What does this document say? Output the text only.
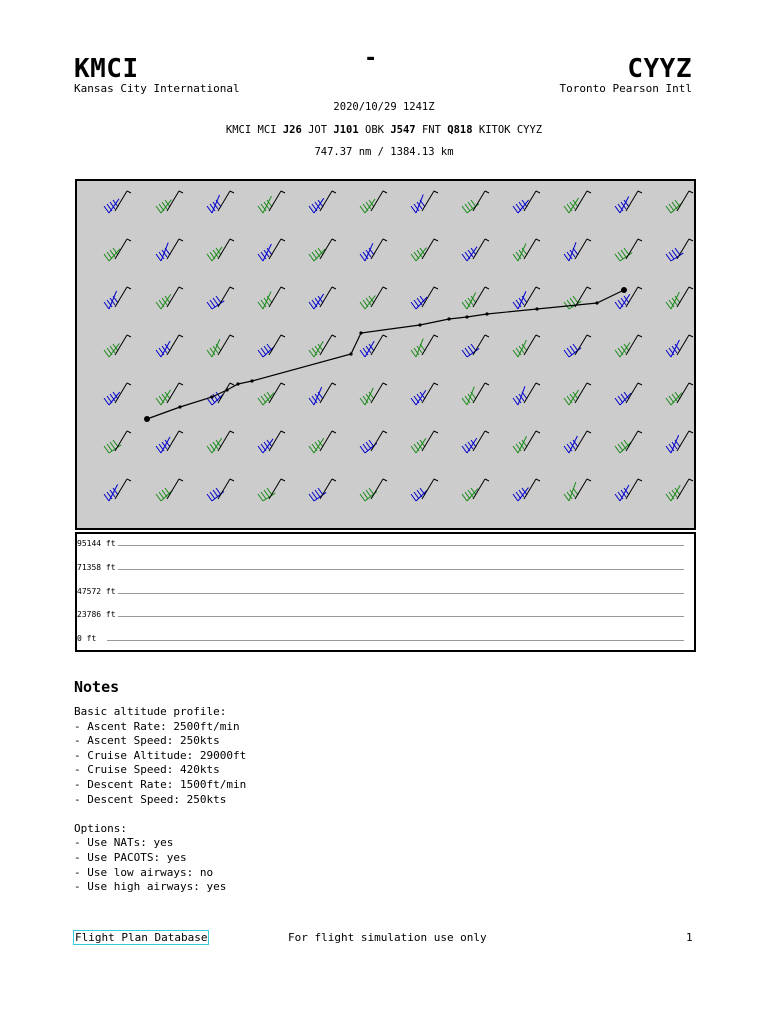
KMCI	-	CYYZ
Kansas City International	Toronto Pearson Intl
2020/10/29 1241Z
KMCI MCI J26 JOT J101 OBK J547 FNT Q818 KITOK CYYZ
747.37 nm / 1384.13 km
95144 ft
71358 ft
47572 ft
23786 ft
0 ft
Notes
Basic altitude profile:
- Ascent Rate: 2500ft/min
- Ascent Speed: 250kts
- Cruise Altitude: 29000ft
- Cruise Speed: 420kts
- Descent Rate: 1500ft/min
- Descent Speed: 250kts
Options:
- Use NATs: yes
- Use PACOTS: yes
- Use low airways: no
- Use high airways: yes
Flight Plan Database	For flight simulation use only	1
